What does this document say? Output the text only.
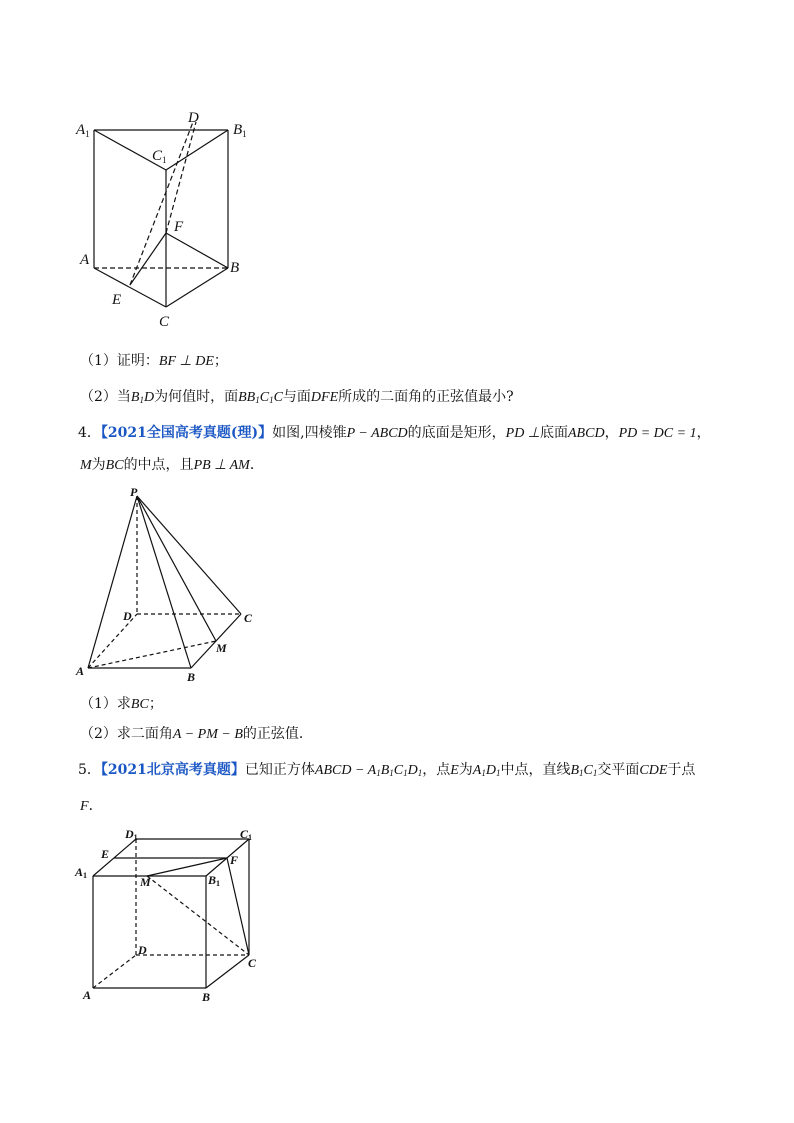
$A_1$
D
$B_1$
$C_1$
F
A	B
E
C
（1）证明：BF ⊥ DE；
（2）当$B_1D$为何值时，面$BB_1C_1C$与面DFE所成的二面角的正弦值最小?
4．【2021全国高考真题(理)】如图,四棱锥P − ABCD的底面是矩形，PD ⊥底面ABCD，PD = DC = 1，
M为BC的中点，且PB ⊥ AM．
P
D	C
M
A	B
（1）求BC；
（2）求二面角A − PM − B的正弦值．
5．【2021北京高考真题】已知正方体ABCD − $A_1B_1C_1D_1$，点E为$A_1D_1$中点，直线$B_1C_1$交平面CDE于点
F．
D1	C1
E	F
A1	M	B1
D
C
A	B
